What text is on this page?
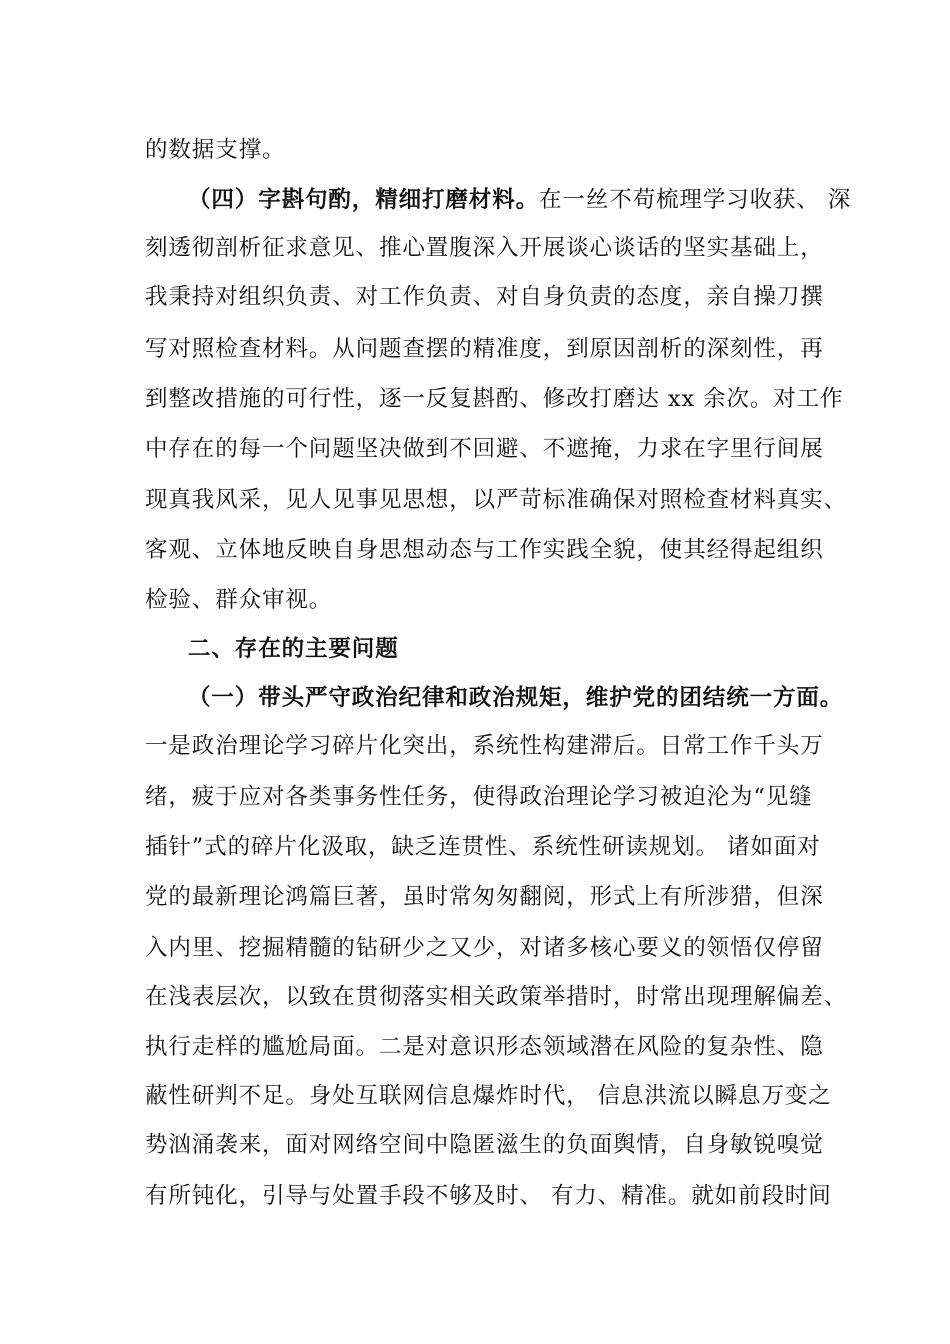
的数据支撑。
（四）字斟句酌，精细打磨材料。在一丝不苟梳理学习收获、 深
刻透彻剖析征求意见、推心置腹深入开展谈心谈话的坚实基础上，
我秉持对组织负责、对工作负责、对自身负责的态度，亲自操刀撰
写对照检查材料。从问题查摆的精准度，到原因剖析的深刻性，再
到整改措施的可行性，逐一反复斟酌、修改打磨达 xx 余次。对工作
中存在的每一个问题坚决做到不回避、不遮掩，力求在字里行间展
现真我风采，见人见事见思想，以严苛标准确保对照检查材料真实、
客观、立体地反映自身思想动态与工作实践全貌，使其经得起组织
检验、群众审视。
二、存在的主要问题
（一）带头严守政治纪律和政治规矩，维护党的团结统一方面。
一是政治理论学习碎片化突出，系统性构建滞后。日常工作千头万
绪，疲于应对各类事务性任务，使得政治理论学习被迫沦为“见缝
插针”式的碎片化汲取，缺乏连贯性、系统性研读规划。 诸如面对
党的最新理论鸿篇巨著，虽时常匆匆翻阅，形式上有所涉猎，但深
入内里、挖掘精髓的钻研少之又少，对诸多核心要义的领悟仅停留
在浅表层次，以致在贯彻落实相关政策举措时，时常出现理解偏差、
执行走样的尴尬局面。二是对意识形态领域潜在风险的复杂性、隐
蔽性研判不足。身处互联网信息爆炸时代， 信息洪流以瞬息万变之
势汹涌袭来，面对网络空间中隐匿滋生的负面舆情，自身敏锐嗅觉
有所钝化，引导与处置手段不够及时、 有力、精准。就如前段时间
